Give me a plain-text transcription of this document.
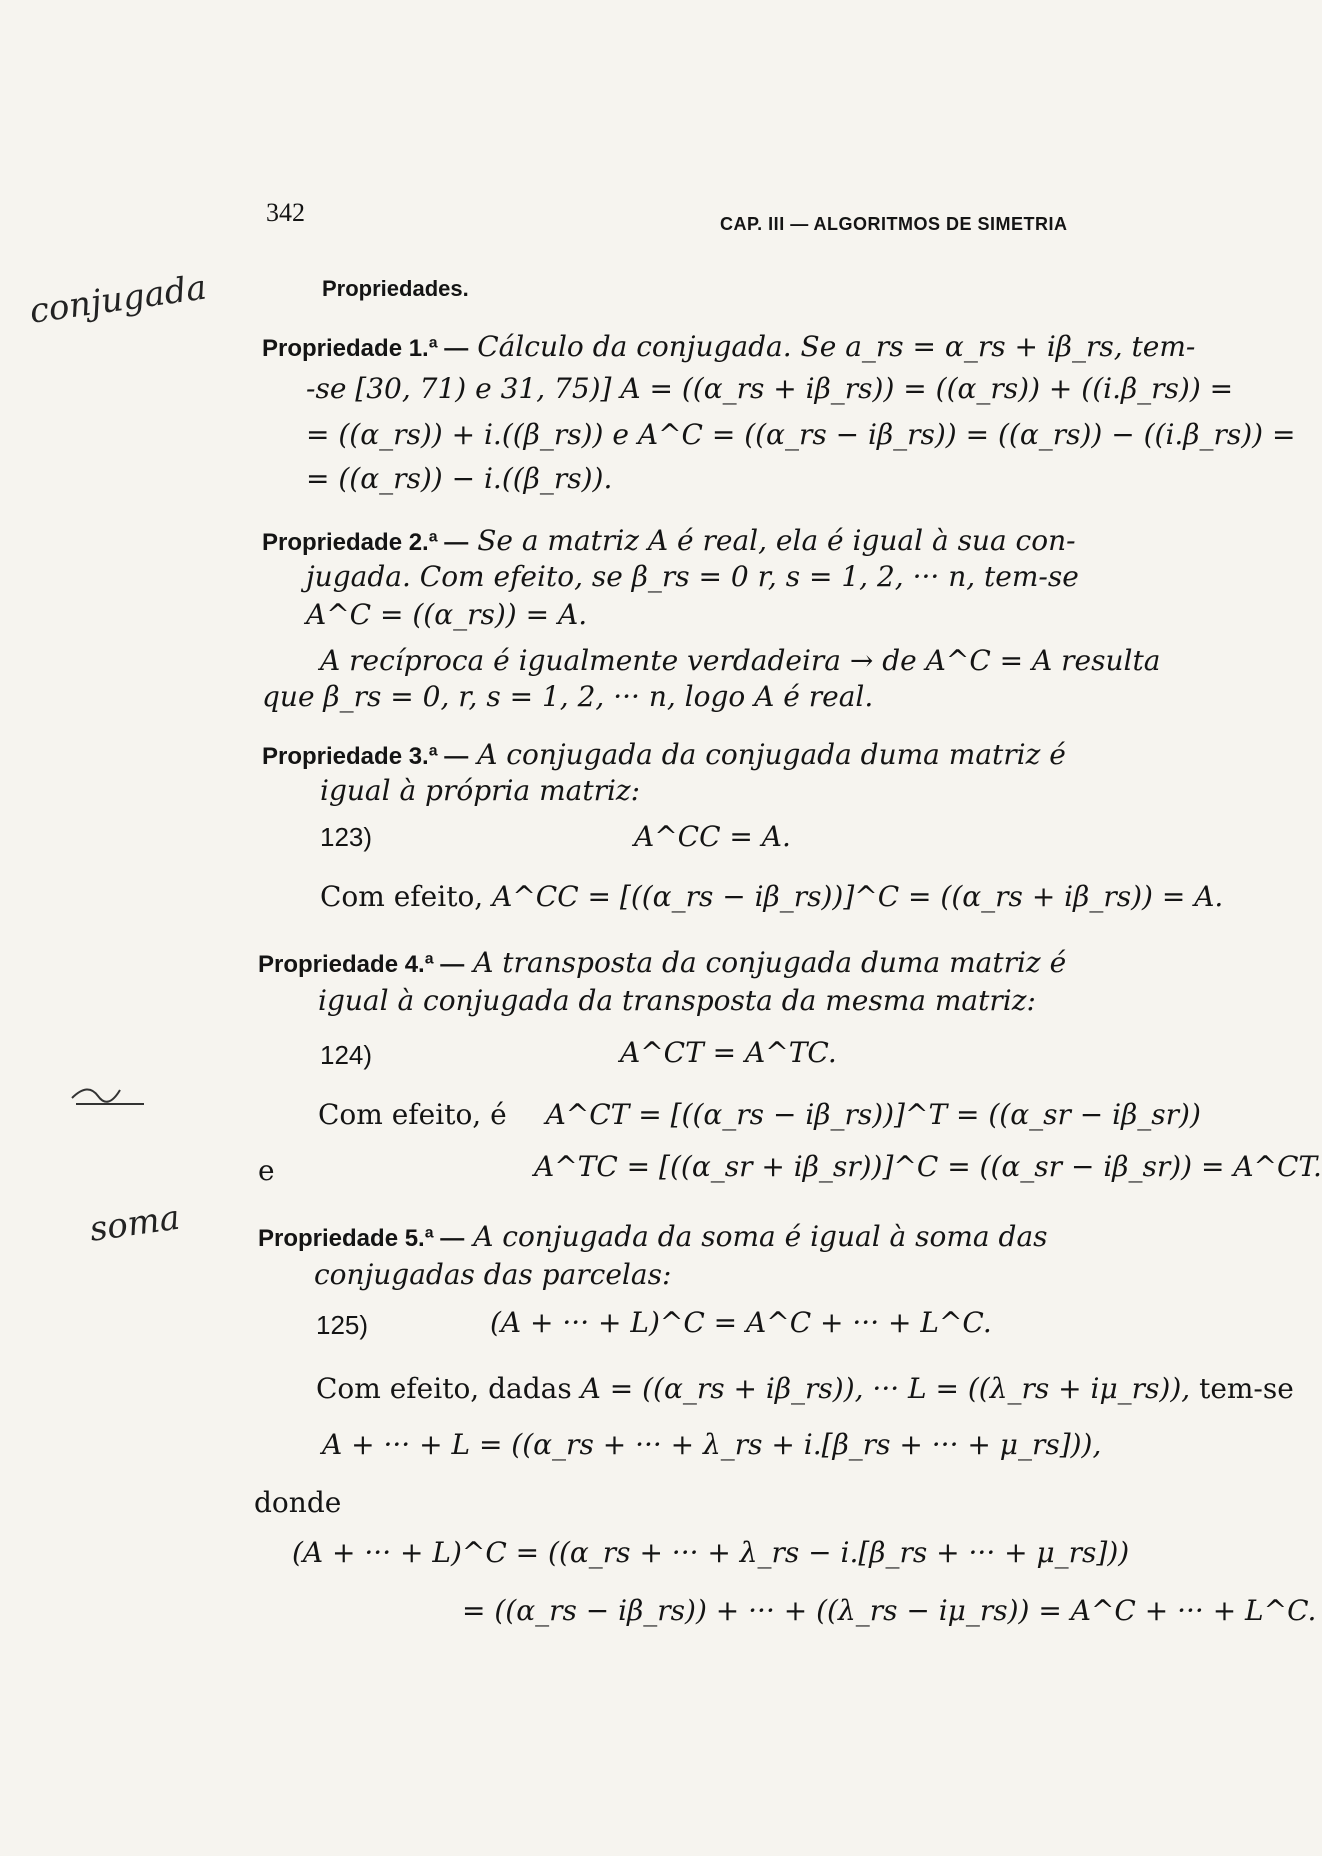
342	CAP. III — ALGORITMOS DE SIMETRIA
conjugada
soma
Propriedades.
Propriedade 1.ª — Cálculo da conjugada. Se a_rs = α_rs + iβ_rs, tem-
-se [30, 71) e 31, 75)] A = ((α_rs + iβ_rs)) = ((α_rs)) + ((i.β_rs)) =
= ((α_rs)) + i.((β_rs)) e A^C = ((α_rs − iβ_rs)) = ((α_rs)) − ((i.β_rs)) =
= ((α_rs)) − i.((β_rs)).
Propriedade 2.ª — Se a matriz A é real, ela é igual à sua con-
jugada. Com efeito, se β_rs = 0 r, s = 1, 2, ··· n, tem-se
A^C = ((α_rs)) = A.
A recíproca é igualmente verdadeira → de A^C = A resulta
que β_rs = 0, r, s = 1, 2, ··· n, logo A é real.
Propriedade 3.ª — A conjugada da conjugada duma matriz é
igual à própria matriz:
123)	A^CC = A.
Com efeito, A^CC = [((α_rs − iβ_rs))]^C = ((α_rs + iβ_rs)) = A.
Propriedade 4.ª — A transposta da conjugada duma matriz é
igual à conjugada da transposta da mesma matriz:
124)	A^CT = A^TC.
Com efeito, é A^CT = [((α_rs − iβ_rs))]^T = ((α_sr − iβ_sr))
e	A^TC = [((α_sr + iβ_sr))]^C = ((α_sr − iβ_sr)) = A^CT.
Propriedade 5.ª — A conjugada da soma é igual à soma das
conjugadas das parcelas:
125)	(A + ··· + L)^C = A^C + ··· + L^C.
Com efeito, dadas A = ((α_rs + iβ_rs)), ··· L = ((λ_rs + iμ_rs)), tem-se
A + ··· + L = ((α_rs + ··· + λ_rs + i.[β_rs + ··· + μ_rs])),
donde
(A + ··· + L)^C = ((α_rs + ··· + λ_rs − i.[β_rs + ··· + μ_rs]))
= ((α_rs − iβ_rs)) + ··· + ((λ_rs − iμ_rs)) = A^C + ··· + L^C.
